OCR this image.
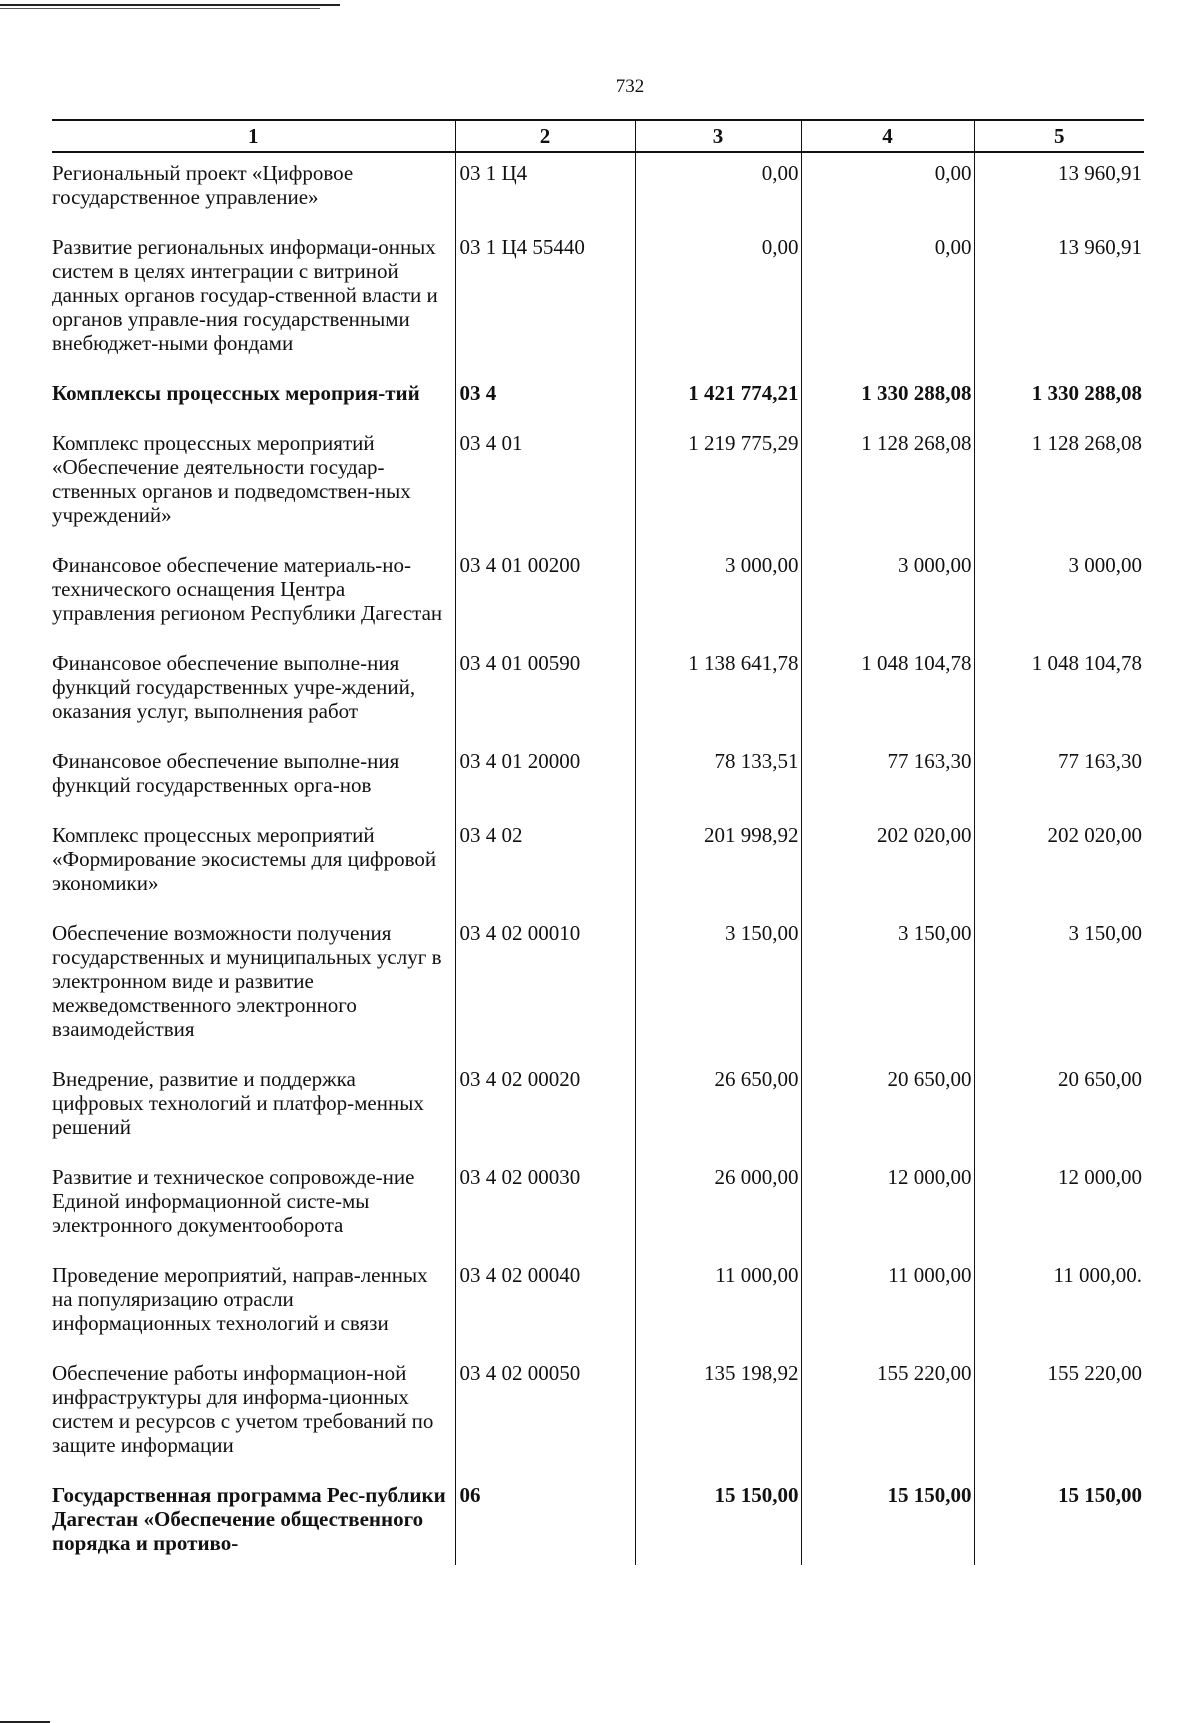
732
1	2	3	4	5
Региональный проект «Цифровое государственное управление»	03 1 Ц4	0,00	0,00	13 960,91
Развитие региональных информаци-онных систем в целях интеграции с витриной данных органов государ-ственной власти и органов управле-ния государственными внебюджет-ными фондами	03 1 Ц4 55440	0,00	0,00	13 960,91
Комплексы процессных мероприя-тий	03 4	1 421 774,21	1 330 288,08	1 330 288,08
Комплекс процессных мероприятий «Обеспечение деятельности государ-ственных органов и подведомствен-ных учреждений»	03 4 01	1 219 775,29	1 128 268,08	1 128 268,08
Финансовое обеспечение материаль-но-технического оснащения Центра управления регионом Республики Дагестан	03 4 01 00200	3 000,00	3 000,00	3 000,00
Финансовое обеспечение выполне-ния функций государственных учре-ждений, оказания услуг, выполнения работ	03 4 01 00590	1 138 641,78	1 048 104,78	1 048 104,78
Финансовое обеспечение выполне-ния функций государственных орга-нов	03 4 01 20000	78 133,51	77 163,30	77 163,30
Комплекс процессных мероприятий «Формирование экосистемы для цифровой экономики»	03 4 02	201 998,92	202 020,00	202 020,00
Обеспечение возможности получения государственных и муниципальных услуг в электронном виде и развитие межведомственного электронного взаимодействия	03 4 02 00010	3 150,00	3 150,00	3 150,00
Внедрение, развитие и поддержка цифровых технологий и платфор-менных решений	03 4 02 00020	26 650,00	20 650,00	20 650,00
Развитие и техническое сопровожде-ние Единой информационной систе-мы электронного документооборота	03 4 02 00030	26 000,00	12 000,00	12 000,00
Проведение мероприятий, направ-ленных на популяризацию отрасли информационных технологий и связи	03 4 02 00040	11 000,00	11 000,00	11 000,00.
Обеспечение работы информацион-ной инфраструктуры для информа-ционных систем и ресурсов с учетом требований по защите информации	03 4 02 00050	135 198,92	155 220,00	155 220,00
Государственная программа Рес-публики Дагестан «Обеспечение общественного порядка и противо-	06	15 150,00	15 150,00	15 150,00
